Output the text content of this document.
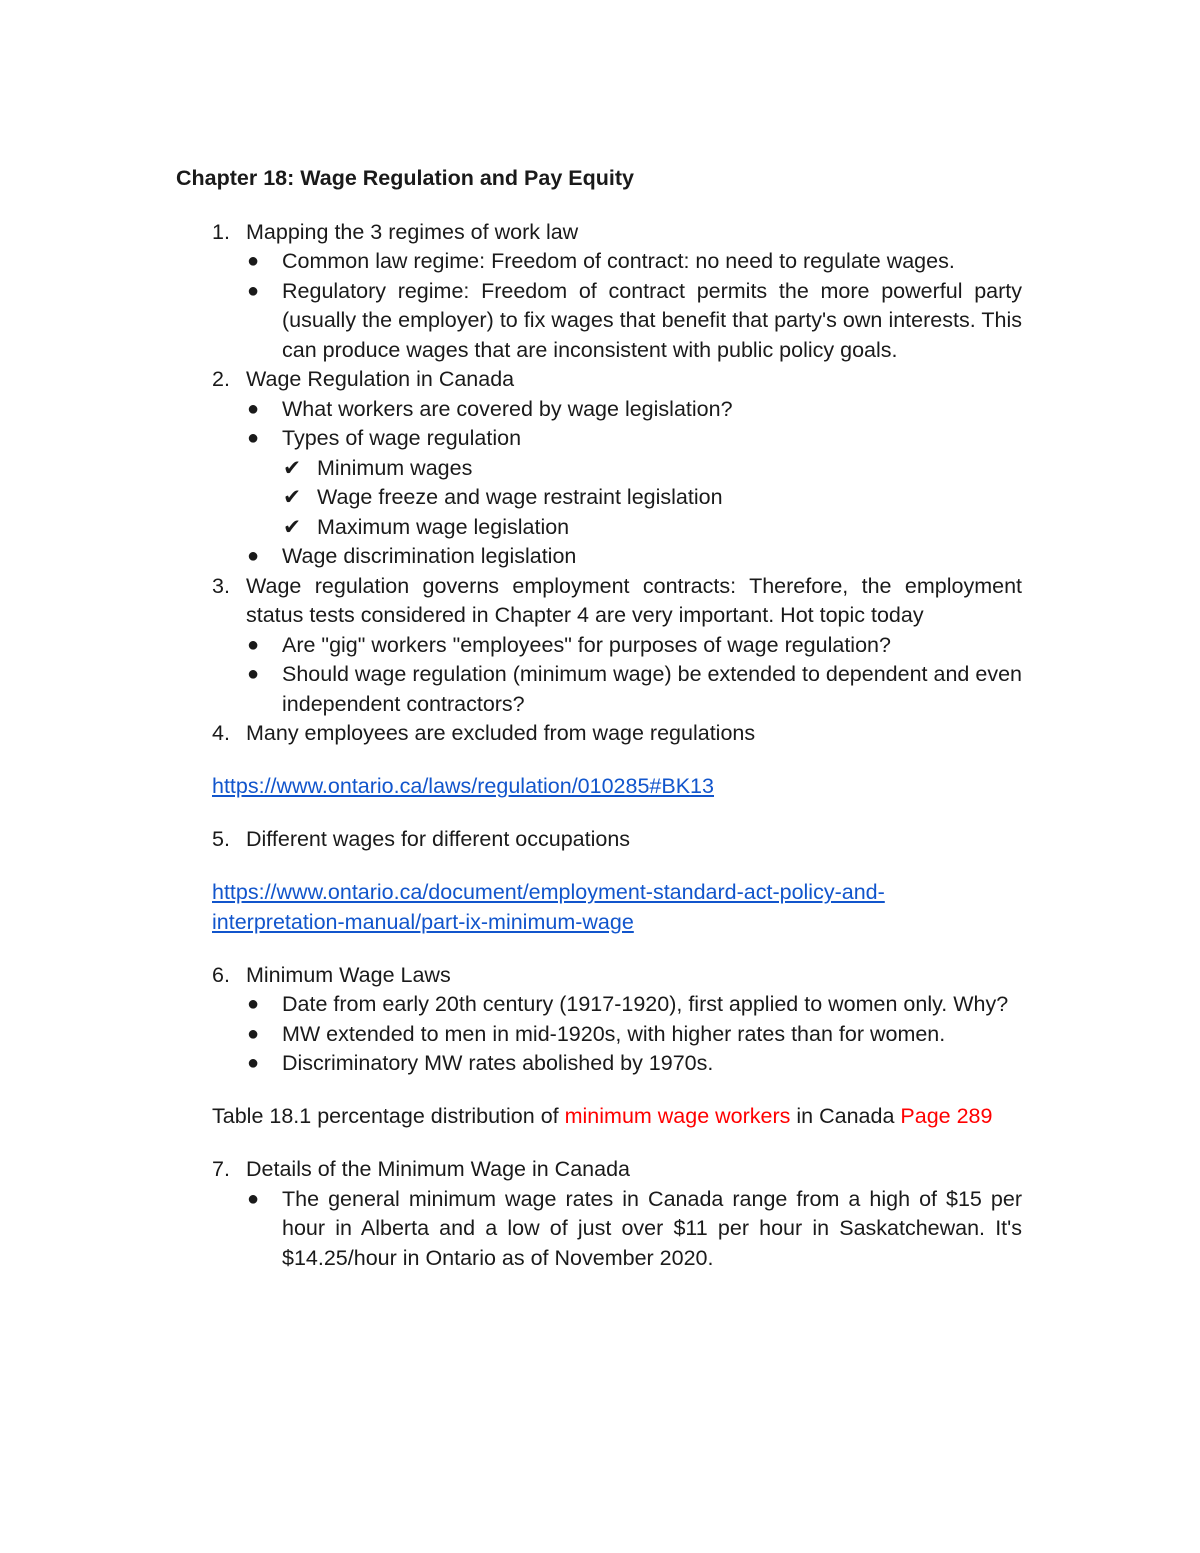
Chapter 18: Wage Regulation and Pay Equity
1. Mapping the 3 regimes of work law
● Common law regime: Freedom of contract: no need to regulate wages.
● Regulatory regime: Freedom of contract permits the more powerful party (usually the employer) to fix wages that benefit that party's own interests. This can produce wages that are inconsistent with public policy goals.
2. Wage Regulation in Canada
● What workers are covered by wage legislation?
● Types of wage regulation
✔ Minimum wages
✔ Wage freeze and wage restraint legislation
✔ Maximum wage legislation
● Wage discrimination legislation
3. Wage regulation governs employment contracts: Therefore, the employment status tests considered in Chapter 4 are very important. Hot topic today
● Are "gig" workers "employees" for purposes of wage regulation?
● Should wage regulation (minimum wage) be extended to dependent and even independent contractors?
4. Many employees are excluded from wage regulations
https://www.ontario.ca/laws/regulation/010285#BK13
5. Different wages for different occupations
https://www.ontario.ca/document/employment-standard-act-policy-and-
interpretation-manual/part-ix-minimum-wage
6. Minimum Wage Laws
● Date from early 20th century (1917-1920), first applied to women only. Why?
● MW extended to men in mid-1920s, with higher rates than for women.
● Discriminatory MW rates abolished by 1970s.
Table 18.1 percentage distribution of minimum wage workers in Canada Page 289
7. Details of the Minimum Wage in Canada
● The general minimum wage rates in Canada range from a high of $15 per hour in Alberta and a low of just over $11 per hour in Saskatchewan. It's $14.25/hour in Ontario as of November 2020.
